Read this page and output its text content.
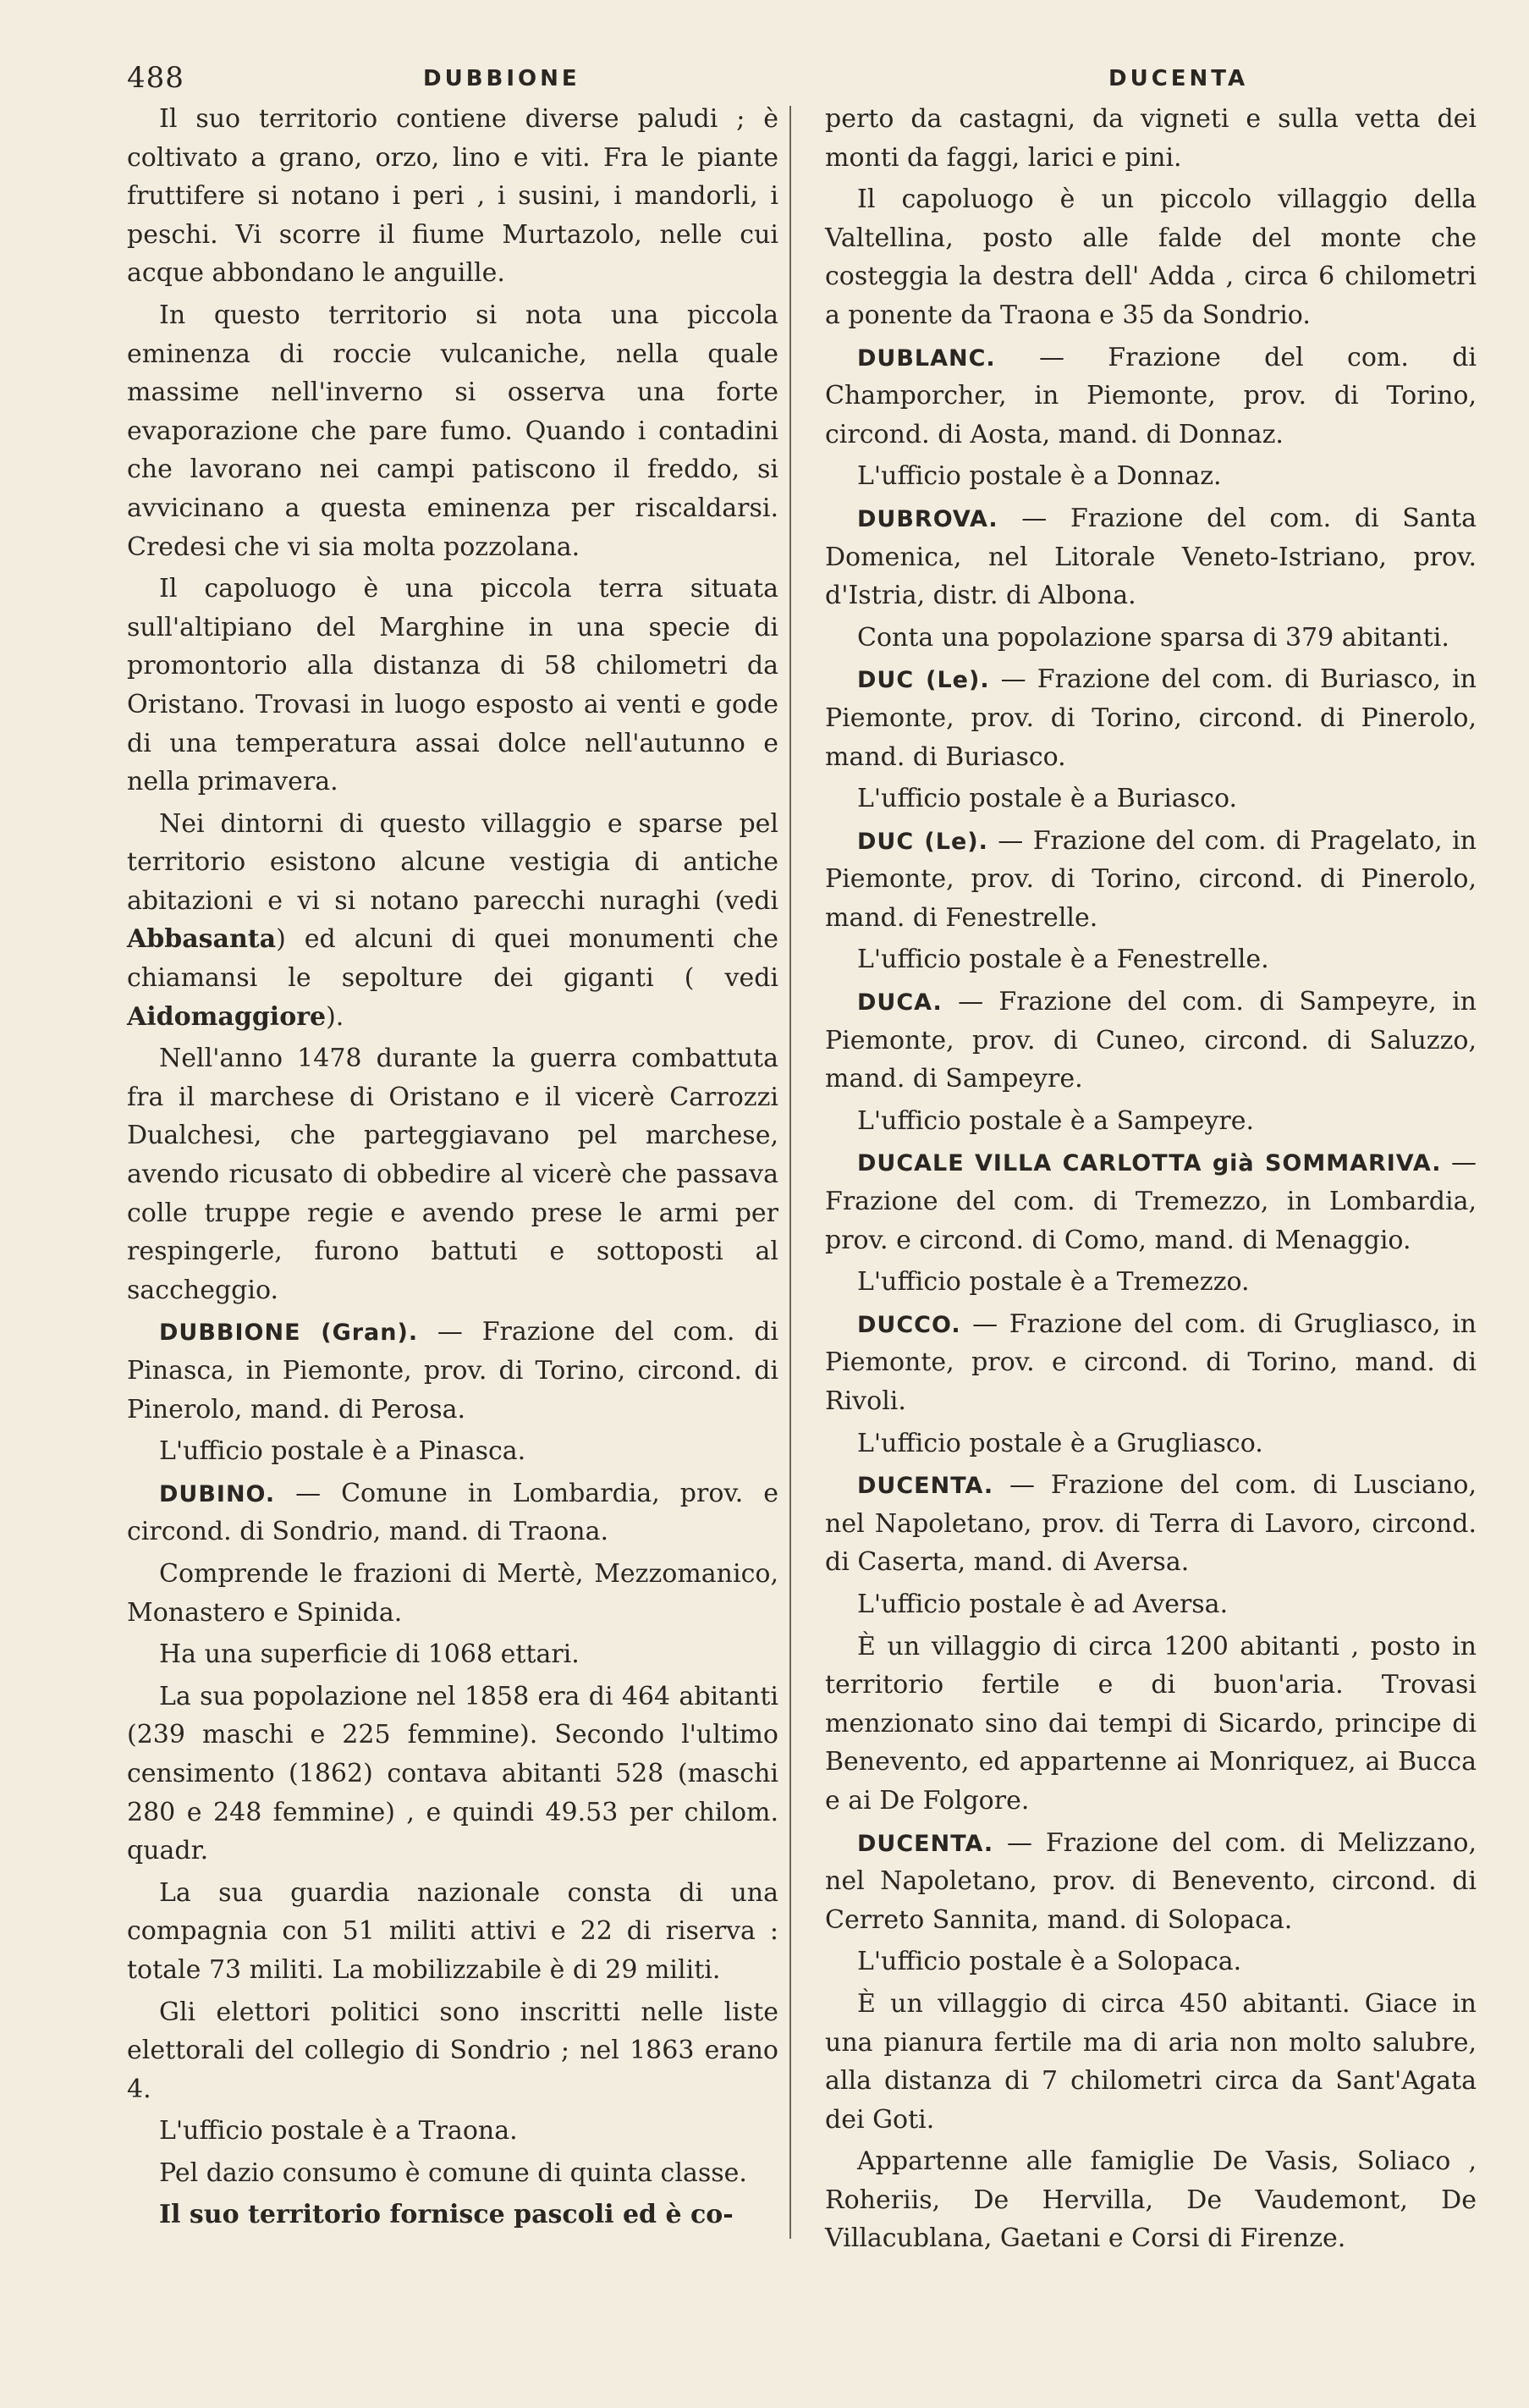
488	DUBBIONE	DUCENTA

Il suo territorio contiene diverse paludi ; è coltivato a grano, orzo, lino e viti. Fra le piante fruttifere si notano i peri , i susini, i mandorli, i peschi. Vi scorre il fiume Murtazolo, nelle cui acque abbondano le anguille.

In questo territorio si nota una piccola eminenza di roccie vulcaniche, nella quale massime nell'inverno si osserva una forte evaporazione che pare fumo. Quando i contadini che lavorano nei campi patiscono il freddo, si avvicinano a questa eminenza per riscaldarsi. Credesi che vi sia molta pozzolana.

Il capoluogo è una piccola terra situata sull'altipiano del Marghine in una specie di promontorio alla distanza di 58 chilometri da Oristano. Trovasi in luogo esposto ai venti e gode di una temperatura assai dolce nell'autunno e nella primavera.

Nei dintorni di questo villaggio e sparse pel territorio esistono alcune vestigia di antiche abitazioni e vi si notano parecchi nuraghi (vedi Abbasanta) ed alcuni di quei monumenti che chiamansi le sepolture dei giganti ( vedi Aidomaggiore).

Nell'anno 1478 durante la guerra combattuta fra il marchese di Oristano e il vicerè Carrozzi Dualchesi, che parteggiavano pel marchese, avendo ricusato di obbedire al vicerè che passava colle truppe regie e avendo prese le armi per respingerle, furono battuti e sottoposti al saccheggio.

DUBBIONE (Gran). — Frazione del com. di Pinasca, in Piemonte, prov. di Torino, circond. di Pinerolo, mand. di Perosa.

L'ufficio postale è a Pinasca.

DUBINO. — Comune in Lombardia, prov. e circond. di Sondrio, mand. di Traona.

Comprende le frazioni di Mertè, Mezzomanico, Monastero e Spinida.

Ha una superficie di 1068 ettari.

La sua popolazione nel 1858 era di 464 abitanti (239 maschi e 225 femmine). Secondo l'ultimo censimento (1862) contava abitanti 528 (maschi 280 e 248 femmine) , e quindi 49.53 per chilom. quadr.

La sua guardia nazionale consta di una compagnia con 51 militi attivi e 22 di riserva : totale 73 militi. La mobilizzabile è di 29 militi.

Gli elettori politici sono inscritti nelle liste elettorali del collegio di Sondrio ; nel 1863 erano 4.

L'ufficio postale è a Traona.

Pel dazio consumo è comune di quinta classe.

Il suo territorio fornisce pascoli ed è co-

perto da castagni, da vigneti e sulla vetta dei monti da faggi, larici e pini.

Il capoluogo è un piccolo villaggio della Valtellina, posto alle falde del monte che costeggia la destra dell' Adda , circa 6 chilometri a ponente da Traona e 35 da Sondrio.

DUBLANC. — Frazione del com. di Champorcher, in Piemonte, prov. di Torino, circond. di Aosta, mand. di Donnaz.

L'ufficio postale è a Donnaz.

DUBROVA. — Frazione del com. di Santa Domenica, nel Litorale Veneto-Istriano, prov. d'Istria, distr. di Albona.

Conta una popolazione sparsa di 379 abitanti.

DUC (Le). — Frazione del com. di Buriasco, in Piemonte, prov. di Torino, circond. di Pinerolo, mand. di Buriasco.

L'ufficio postale è a Buriasco.

DUC (Le). — Frazione del com. di Pragelato, in Piemonte, prov. di Torino, circond. di Pinerolo, mand. di Fenestrelle.

L'ufficio postale è a Fenestrelle.

DUCA. — Frazione del com. di Sampeyre, in Piemonte, prov. di Cuneo, circond. di Saluzzo, mand. di Sampeyre.

L'ufficio postale è a Sampeyre.

DUCALE VILLA CARLOTTA già SOMMARIVA. — Frazione del com. di Tremezzo, in Lombardia, prov. e circond. di Como, mand. di Menaggio.

L'ufficio postale è a Tremezzo.

DUCCO. — Frazione del com. di Grugliasco, in Piemonte, prov. e circond. di Torino, mand. di Rivoli.

L'ufficio postale è a Grugliasco.

DUCENTA. — Frazione del com. di Lusciano, nel Napoletano, prov. di Terra di Lavoro, circond. di Caserta, mand. di Aversa.

L'ufficio postale è ad Aversa.

È un villaggio di circa 1200 abitanti , posto in territorio fertile e di buon'aria. Trovasi menzionato sino dai tempi di Sicardo, principe di Benevento, ed appartenne ai Monriquez, ai Bucca e ai De Folgore.

DUCENTA. — Frazione del com. di Melizzano, nel Napoletano, prov. di Benevento, circond. di Cerreto Sannita, mand. di Solopaca.

L'ufficio postale è a Solopaca.

È un villaggio di circa 450 abitanti. Giace in una pianura fertile ma di aria non molto salubre, alla distanza di 7 chilometri circa da Sant'Agata dei Goti.

Appartenne alle famiglie De Vasis, Soliaco , Roheriis, De Hervilla, De Vaudemont, De Villacublana, Gaetani e Corsi di Firenze.
